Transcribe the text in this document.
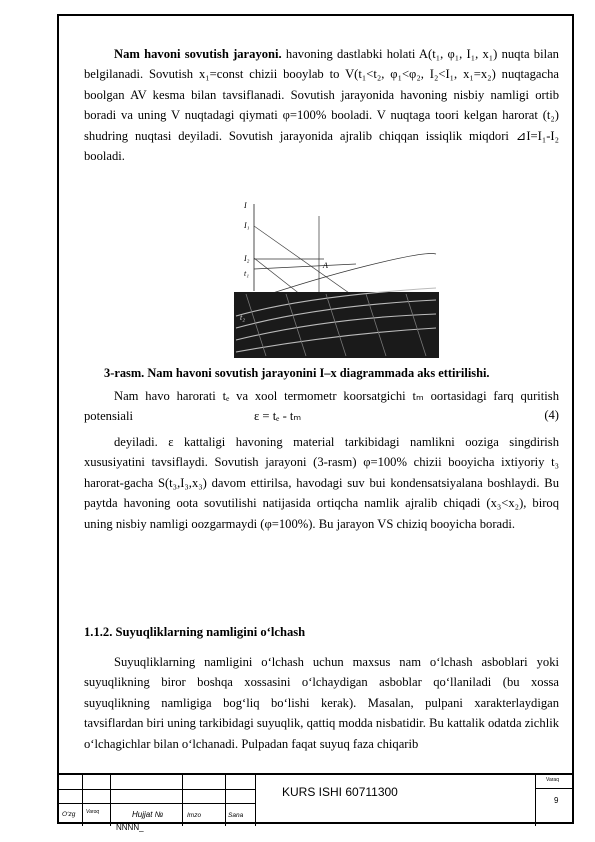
Nam havoni sovutish jarayoni. havoning dastlabki holati A(t₁, φ₁, I₁, x₁) nuqta bilan belgilanadi. Sovutish x₁=const chizii booylab to V(t₁<t₂, φ₁<φ₂, I₂<I₁, x₁=x₂) nuqtagacha boolgan AV kesma bilan tavsiflanadi. Sovutish jarayonida havoning nisbiy namligi ortib boradi va uning V nuqtadagi qiymati φ=100% booladi. V nuqtaga toori kelgan harorat (t₂) shudring nuqtasi deyiladi. Sovutish jarayonida ajralib chiqqan issiqlik miqdori ⊿I=I₁-I₂ booladi.

I
I₁
I₂
t₁
A
t₂
3-rasm. Nam havoni sovutish jarayonini I–x diagrammada aks ettirilishi.

Nam havo harorati tₑ va xool termometr koorsatgichi tₘ oortasidagi farq quritish potensiali	ε = tₑ - tₘ	(4)

deyiladi. ε kattaligi havoning material tarkibidagi namlikni ooziga singdirish xususiyatini tavsiflaydi. Sovutish jarayoni (3-rasm) φ=100% chizii booyicha ixtiyoriy t₃ harorat-gacha S(t₃,I₃,x₃) davom ettirilsa, havodagi suv bui kondensatsiyalana boshlaydi. Bu paytda havoning oota sovutilishi natijasida ortiqcha namlik ajralib chiqadi (x₃<x₂), biroq uning nisbiy namligi oozgarmaydi (φ=100%). Bu jarayon VS chiziq booyicha boradi.

1.1.2. Suyuqliklarning namligini o‘lchash

Suyuqliklarning namligini o‘lchash uchun maxsus nam o‘lchash asboblari yoki suyuqlikning biror boshqa xossasini o‘lchaydigan asboblar qo‘llaniladi (bu xossa suyuqlikning namligiga bog‘liq bo‘lishi kerak). Masalan, pulpani xarakterlaydigan tavsiflardan biri uning tarkibidagi suyuqlik, qattiq modda nisbatidir. Bu kattalik odatda zichlik o‘lchagichlar bilan o‘lchanadi. Pulpadan faqat suyuq faza chiqarib

O‘zg Varoq	Hujjat №	Imzo	Sana
KURS ISHI 60711300
Varaq
9
NNNN_
